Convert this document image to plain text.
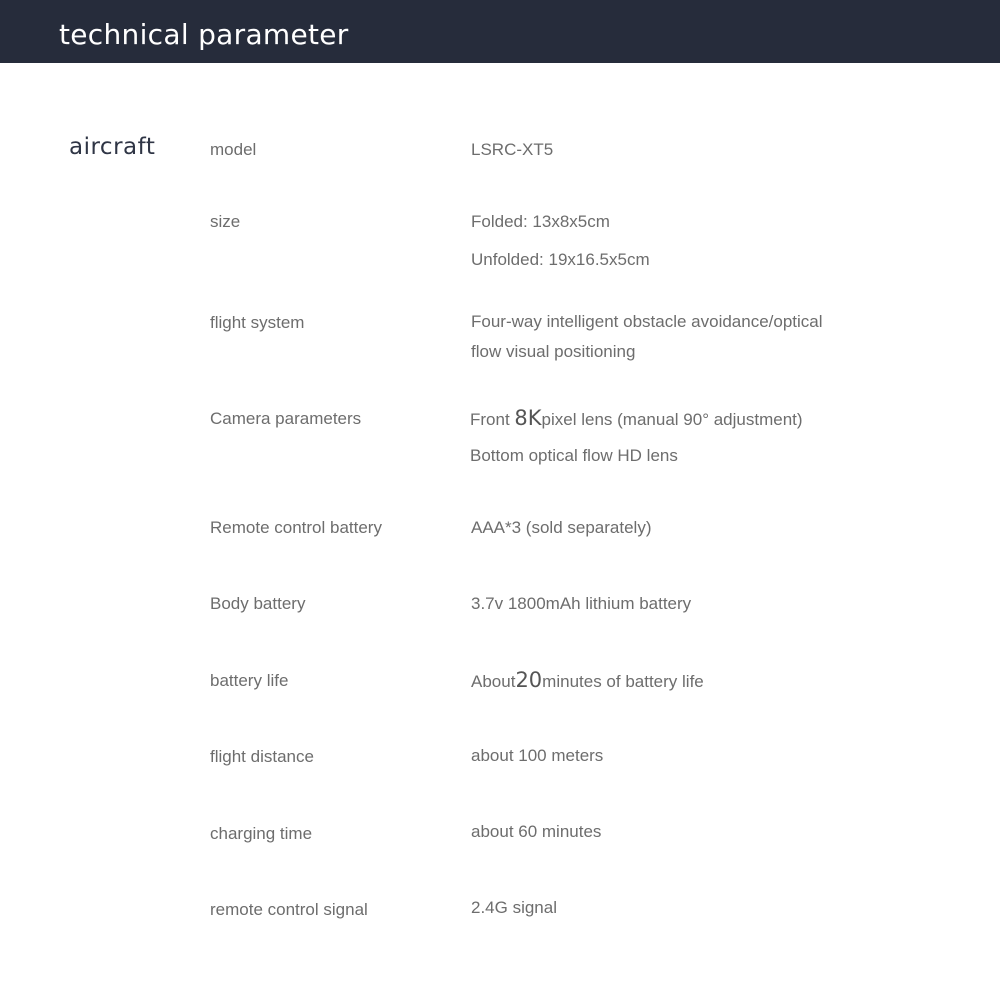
technical parameter
aircraft	model	LSRC-XT5
size	Folded: 13x8x5cm
Unfolded: 19x16.5x5cm
flight system	Four-way intelligent obstacle avoidance/optical
flow visual positioning
Camera parameters	Front 8Kpixel lens (manual 90° adjustment)
Bottom optical flow HD lens
Remote control battery	AAA*3 (sold separately)
Body battery	3.7v 1800mAh lithium battery
battery life	About20minutes of battery life
flight distance	about 100 meters
charging time	about 60 minutes
remote control signal	2.4G signal
